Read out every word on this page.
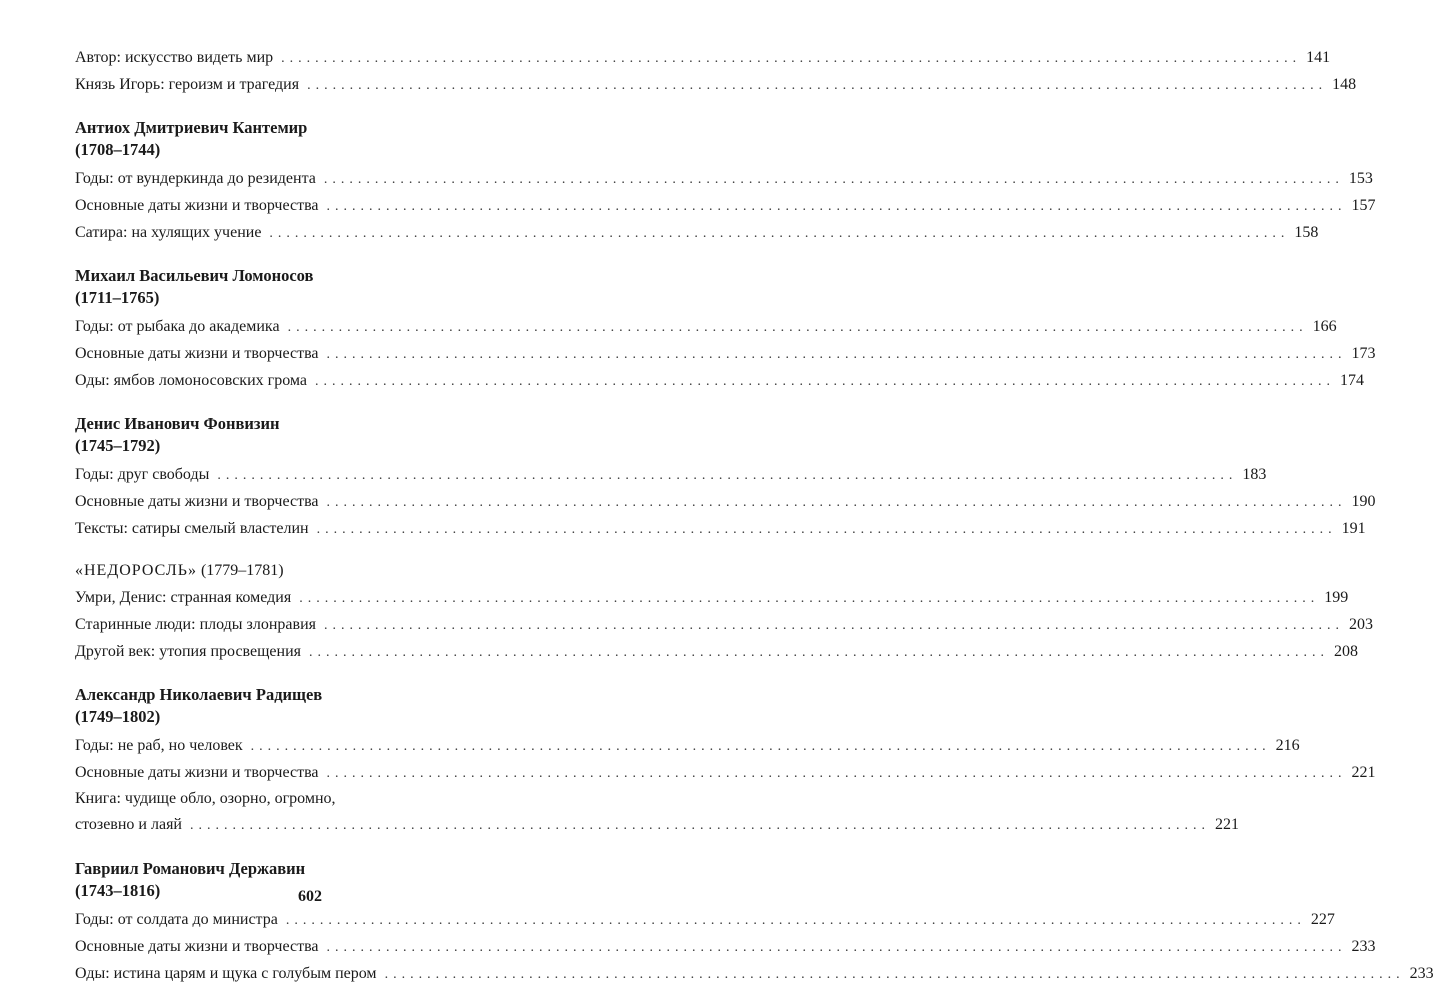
Автор: искусство видеть мир ........................................................................................................................ 141
Князь Игорь: героизм и трагедия ........................................................................................................................ 148
Антиох Дмитриевич Кантемир
(1708–1744)
Годы: от вундеркинда до резидента ........................................................................................................................ 153
Основные даты жизни и творчества ........................................................................................................................ 157
Сатира: на хулящих учение ........................................................................................................................ 158
Михаил Васильевич Ломоносов
(1711–1765)
Годы: от рыбака до академика ........................................................................................................................ 166
Основные даты жизни и творчества ........................................................................................................................ 173
Оды: ямбов ломоносовских грома ........................................................................................................................ 174
Денис Иванович Фонвизин
(1745–1792)
Годы: друг свободы ........................................................................................................................ 183
Основные даты жизни и творчества ........................................................................................................................ 190
Тексты: сатиры смелый властелин ........................................................................................................................ 191
«НЕДОРОСЛЬ» (1779–1781)
Умри, Денис: странная комедия ........................................................................................................................ 199
Старинные люди: плоды злонравия ........................................................................................................................ 203
Другой век: утопия просвещения ........................................................................................................................ 208
Александр Николаевич Радищев
(1749–1802)
Годы: не раб, но человек ........................................................................................................................ 216
Основные даты жизни и творчества ........................................................................................................................ 221
Книга: чудище обло, озорно, огромно,
стозевно и лаяй ........................................................................................................................ 221
Гавриил Романович Державин
(1743–1816)
Годы: от солдата до министра ........................................................................................................................ 227
Основные даты жизни и творчества ........................................................................................................................ 233
Оды: истина царям и щука с голубым пером ........................................................................................................................ 233
602
